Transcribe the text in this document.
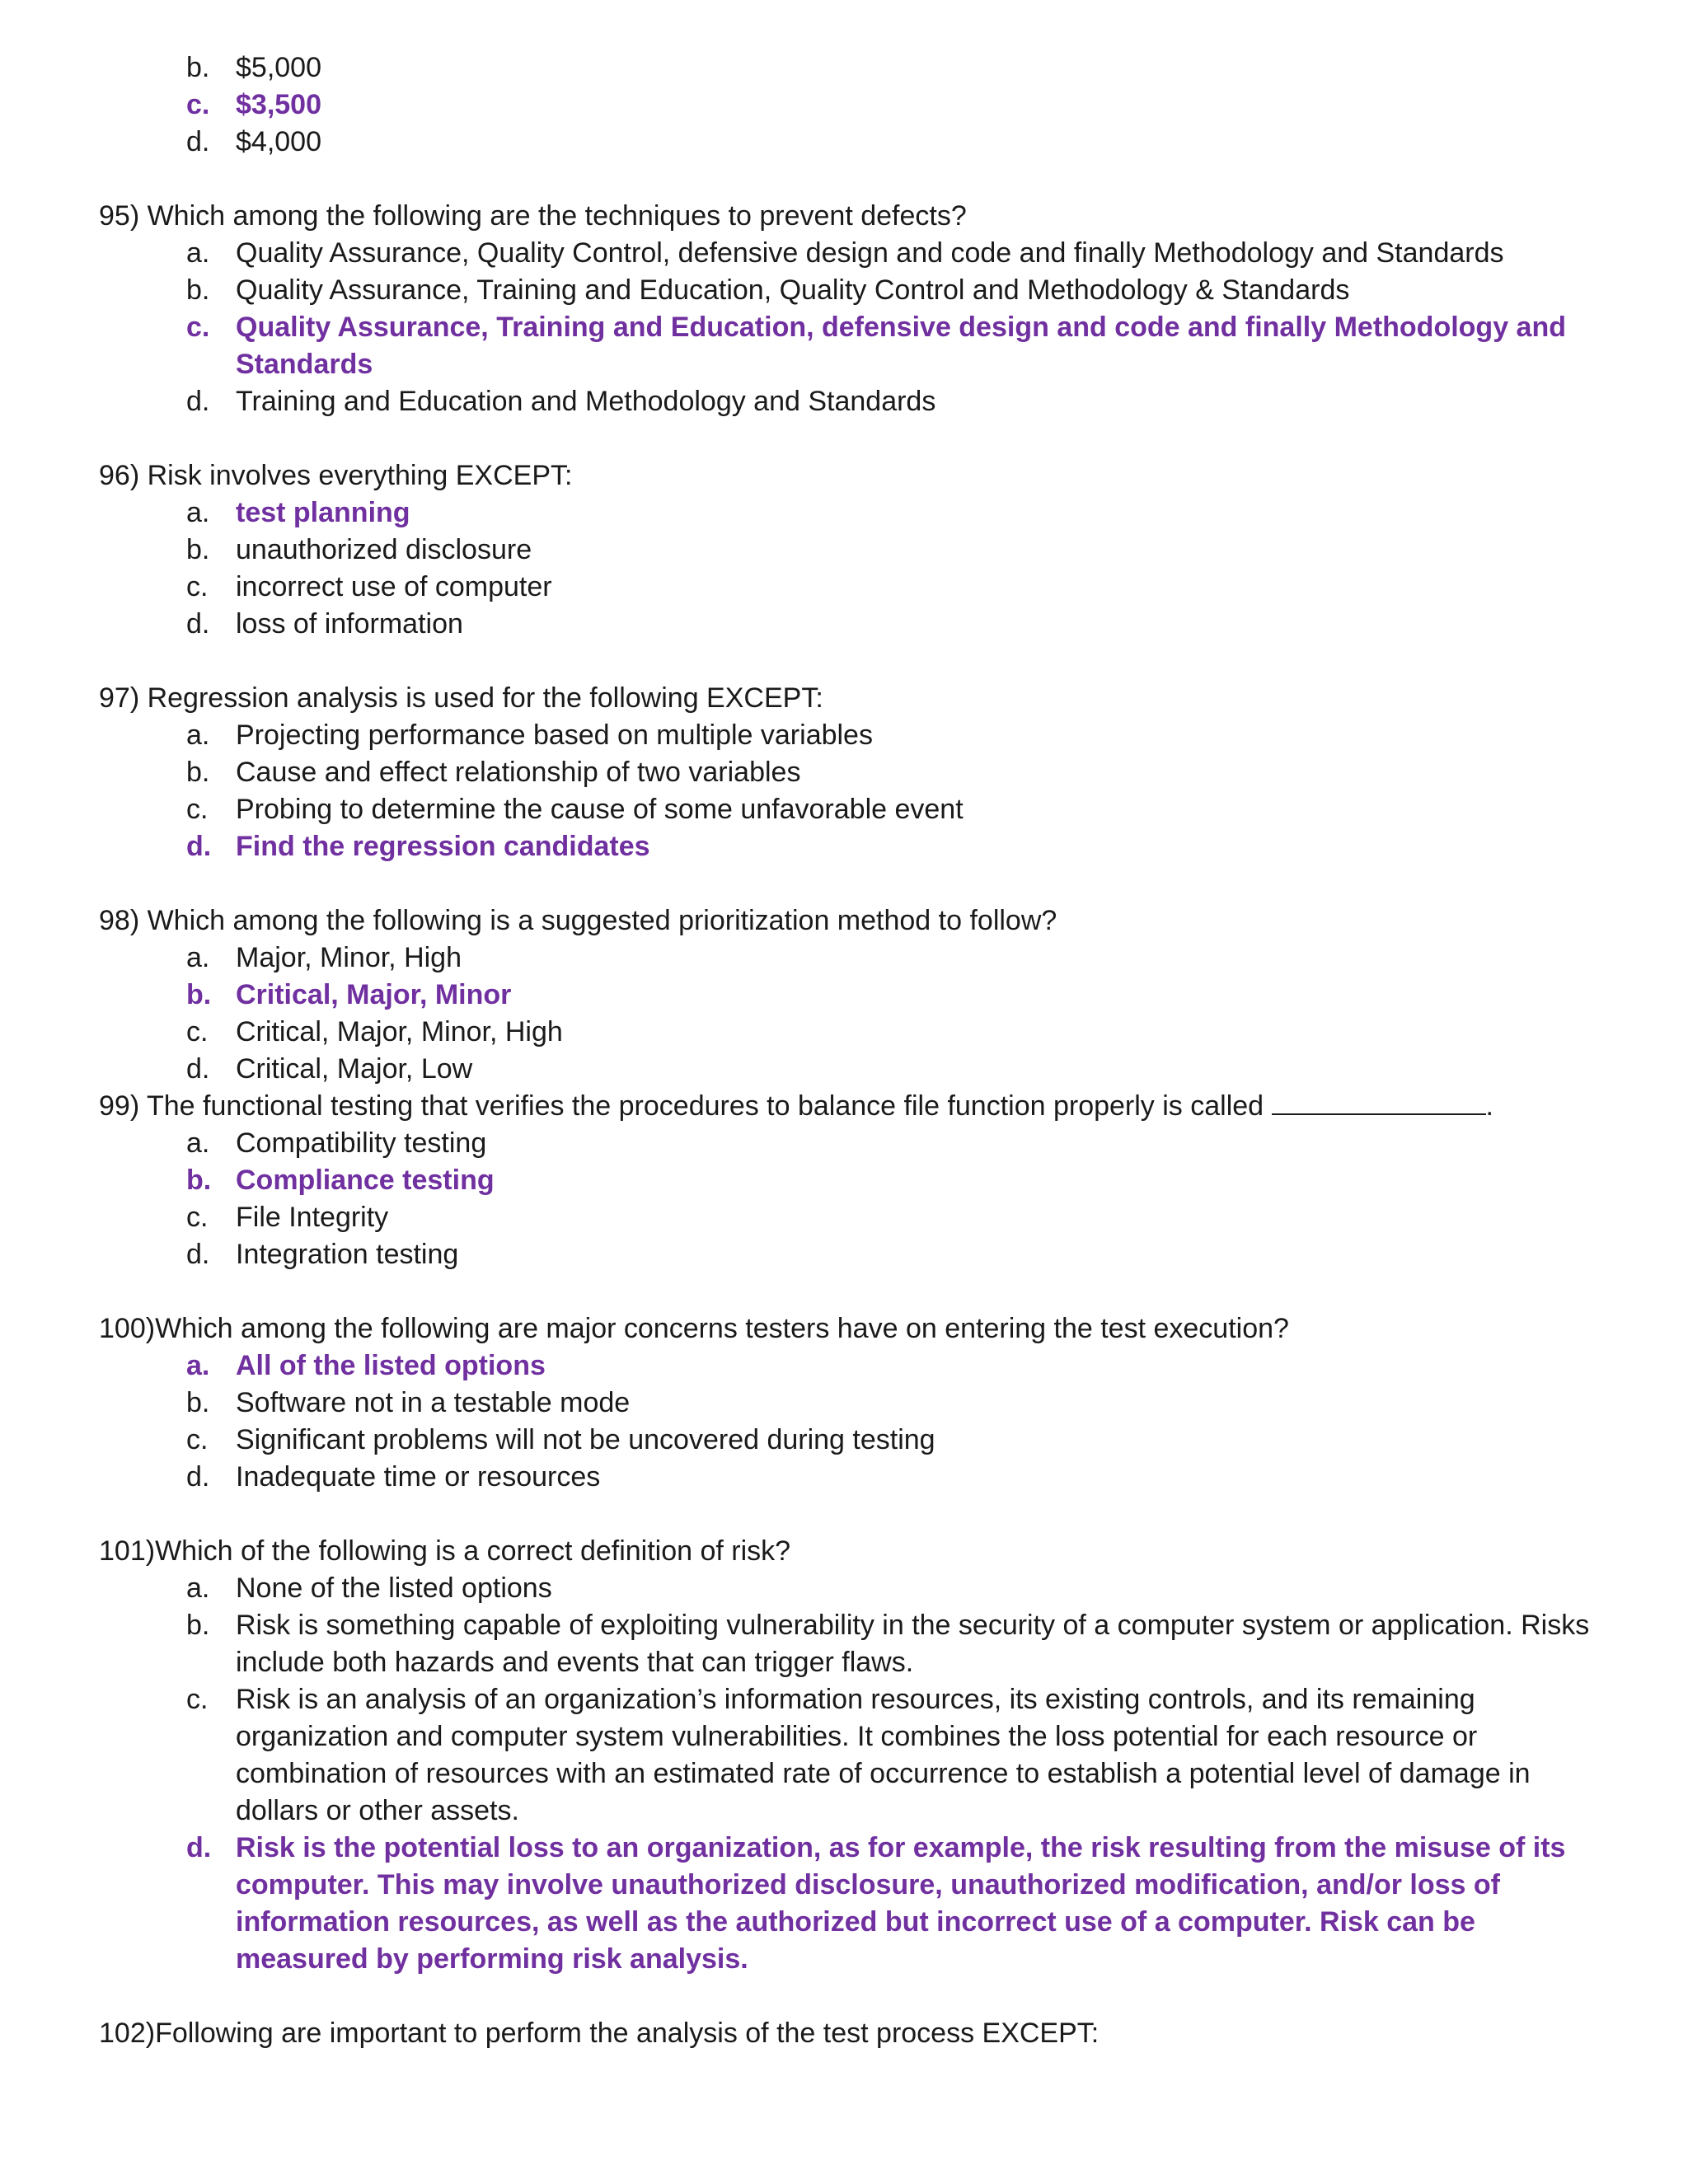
b. $5,000
c. $3,500
d. $4,000
95) Which among the following are the techniques to prevent defects?
a. Quality Assurance, Quality Control, defensive design and code and finally Methodology and Standards
b. Quality Assurance, Training and Education, Quality Control and Methodology & Standards
c. Quality Assurance, Training and Education, defensive design and code and finally Methodology and Standards
d. Training and Education and Methodology and Standards
96) Risk involves everything EXCEPT:
a. test planning
b. unauthorized disclosure
c. incorrect use of computer
d. loss of information
97) Regression analysis is used for the following EXCEPT:
a. Projecting performance based on multiple variables
b. Cause and effect relationship of two variables
c. Probing to determine the cause of some unfavorable event
d. Find the regression candidates
98) Which among the following is a suggested prioritization method to follow?
a. Major, Minor, High
b. Critical, Major, Minor
c. Critical, Major, Minor, High
d. Critical, Major, Low
99) The functional testing that verifies the procedures to balance file function properly is called	.
a. Compatibility testing
b. Compliance testing
c. File Integrity
d. Integration testing
100)Which among the following are major concerns testers have on entering the test execution?
a. All of the listed options
b. Software not in a testable mode
c. Significant problems will not be uncovered during testing
d. Inadequate time or resources
101)Which of the following is a correct definition of risk?
a. None of the listed options
b. Risk is something capable of exploiting vulnerability in the security of a computer system or application. Risks include both hazards and events that can trigger flaws.
c. Risk is an analysis of an organization’s information resources, its existing controls, and its remaining organization and computer system vulnerabilities. It combines the loss potential for each resource or combination of resources with an estimated rate of occurrence to establish a potential level of damage in dollars or other assets.
d. Risk is the potential loss to an organization, as for example, the risk resulting from the misuse of its computer. This may involve unauthorized disclosure, unauthorized modification, and/or loss of information resources, as well as the authorized but incorrect use of a computer. Risk can be measured by performing risk analysis.
102)Following are important to perform the analysis of the test process EXCEPT:
